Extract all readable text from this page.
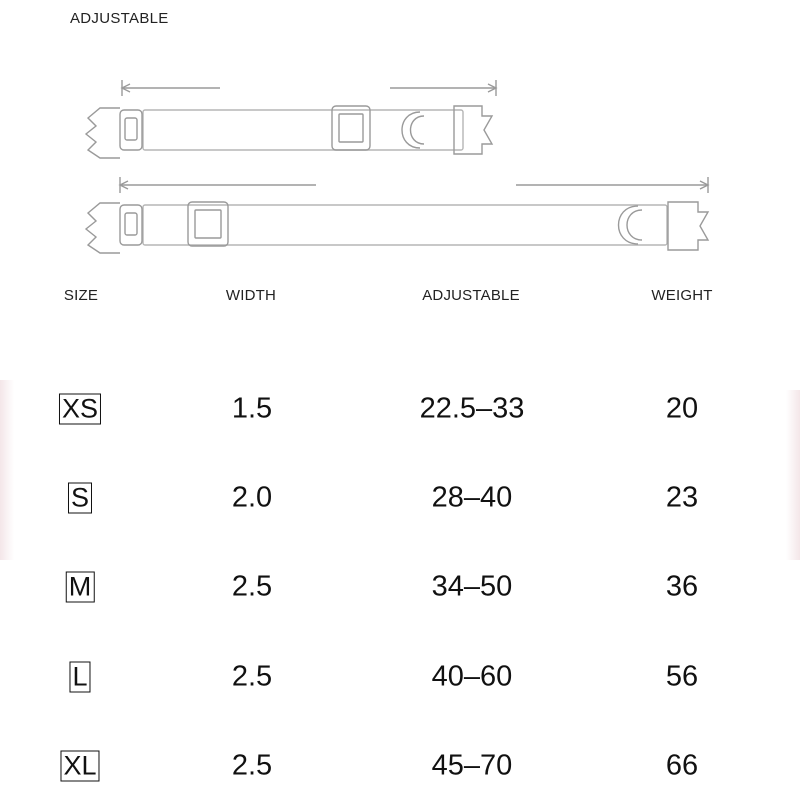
ADJUSTABLE
SIZE	WIDTH	ADJUSTABLE	WEIGHT
XS	1.5	22.5–33	20
S	2.0	28–40	23
M	2.5	34–50	36
L	2.5	40–60	56
XL	2.5	45–70	66
